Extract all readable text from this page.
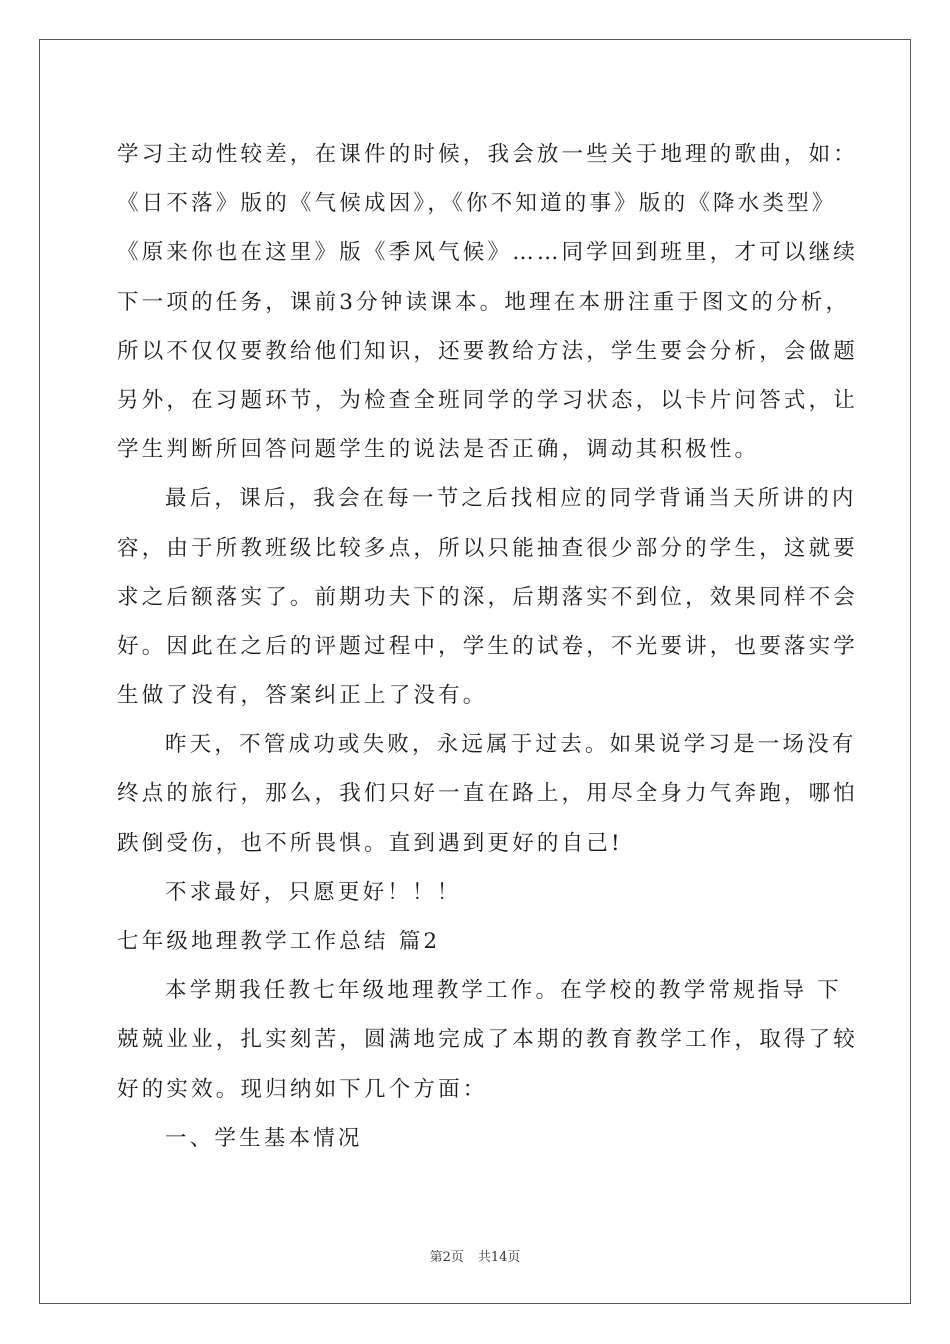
学习主动性较差，在课件的时候，我会放一些关于地理的歌曲，如：
《日不落》版的《气候成因》，《你不知道的事》版的《降水类型》
《原来你也在这里》版《季风气候》……同学回到班里，才可以继续
下一项的任务，课前3分钟读课本。地理在本册注重于图文的分析，
所以不仅仅要教给他们知识，还要教给方法，学生要会分析，会做题
另外，在习题环节，为检查全班同学的学习状态，以卡片问答式，让
学生判断所回答问题学生的说法是否正确，调动其积极性。
最后，课后，我会在每一节之后找相应的同学背诵当天所讲的内
容，由于所教班级比较多点，所以只能抽查很少部分的学生，这就要
求之后额落实了。前期功夫下的深，后期落实不到位，效果同样不会
好。因此在之后的评题过程中，学生的试卷，不光要讲，也要落实学
生做了没有，答案纠正上了没有。
昨天，不管成功或失败，永远属于过去。如果说学习是一场没有
终点的旅行，那么，我们只好一直在路上，用尽全身力气奔跑，哪怕
跌倒受伤，也不所畏惧。直到遇到更好的自己!
不求最好，只愿更好！！！
七年级地理教学工作总结 篇2
本学期我任教七年级地理教学工作。在学校的教学常规指导 下
兢兢业业，扎实刻苦，圆满地完成了本期的教育教学工作，取得了较
好的实效。现归纳如下几个方面：
一、学生基本情况
第2页 共14页
